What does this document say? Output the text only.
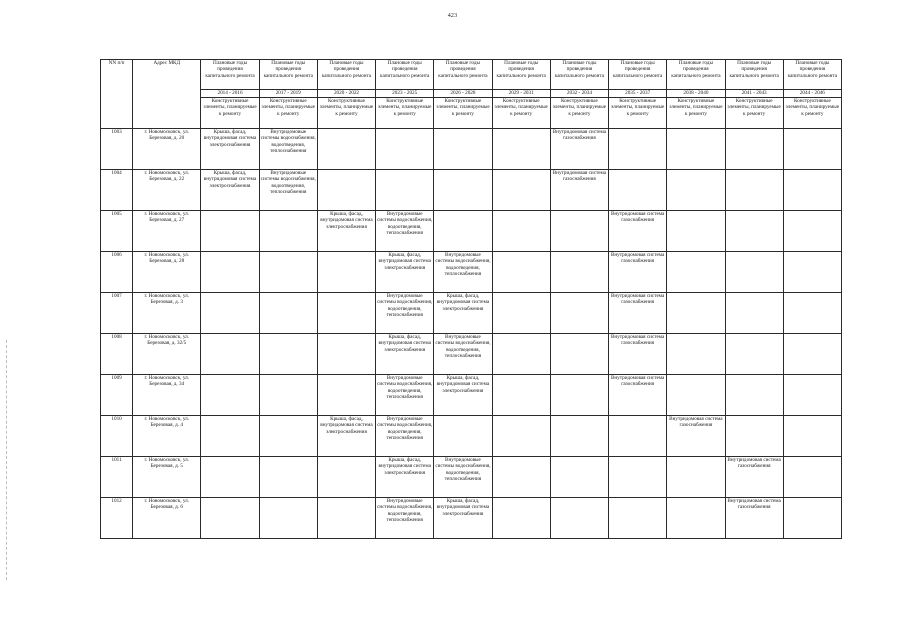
423
NN п/п	Адрес МКД	Плановые годы проведения капитального ремонта	Плановые годы проведения капитального ремонта	Плановые годы проведения капитального ремонта	Плановые годы проведения капитального ремонта	Плановые годы проведения капитального ремонта	Плановые годы проведения капитального ремонта	Плановые годы проведения капитального ремонта	Плановые годы проведения капитального ремонта	Плановые годы проведения капитального ремонта	Плановые годы проведения капитального ремонта	Плановые годы проведения капитального ремонта
		2014 - 2016	2017 - 2019	2020 - 2022	2023 - 2025	2026 - 2028	2029 - 2031	2032 - 2034	2035 - 2037	2038 - 2040	2041 - 2043	2044 - 2046
		Конструктивные элементы, планируемые к ремонту	Конструктивные элементы, планируемые к ремонту	Конструктивные элементы, планируемые к ремонту	Конструктивные элементы, планируемые к ремонту	Конструктивные элементы, планируемые к ремонту	Конструктивные элементы, планируемые к ремонту	Конструктивные элементы, планируемые к ремонту	Конструктивные элементы, планируемые к ремонту	Конструктивные элементы, планируемые к ремонту	Конструктивные элементы, планируемые к ремонту	Конструктивные элементы, планируемые к ремонту
1003	г. Новомосковск, ул. Березовая, д. 20	Крыша, фасад, внутридомовая система электроснабжения	Внутридомовые системы водоснабжения, водоотведения, теплоснабжения					Внутридомовая система газоснабжения				
1004	г. Новомосковск, ул. Березовая, д. 22	Крыша, фасад, внутридомовая система электроснабжения	Внутридомовые системы водоснабжения, водоотведения, теплоснабжения					Внутридомовая система газоснабжения				
1005	г. Новомосковск, ул. Березовая, д. 27			Крыша, фасад, внутридомовая система электроснабжения	Внутридомовые системы водоснабжения, водоотведения, теплоснабжения				Внутридомовая система газоснабжения			
1006	г. Новомосковск, ул. Березовая, д. 28				Крыша, фасад, внутридомовая система электроснабжения	Внутридомовые системы водоснабжения, водоотведения, теплоснабжения			Внутридомовая система газоснабжения			
1007	г. Новомосковск, ул. Березовая, д. 3				Внутридомовые системы водоснабжения, водоотведения, теплоснабжения	Крыша, фасад, внутридомовая система электроснабжения			Внутридомовая система газоснабжения			
1008	г. Новомосковск, ул. Березовая, д. 32/5				Крыша, фасад, внутридомовая система электроснабжения	Внутридомовые системы водоснабжения, водоотведения, теплоснабжения			Внутридомовая система газоснабжения			
1009	г. Новомосковск, ул. Березовая, д. 34				Внутридомовые системы водоснабжения, водоотведения, теплоснабжения	Крыша, фасад, внутридомовая система электроснабжения			Внутридомовая система газоснабжения			
1010	г. Новомосковск, ул. Березовая, д. 4			Крыша, фасад, внутридомовая система электроснабжения	Внутридомовые системы водоснабжения, водоотведения, теплоснабжения					Внутридомовая система газоснабжения		
1011	г. Новомосковск, ул. Березовая, д. 5				Крыша, фасад, внутридомовая система электроснабжения	Внутридомовые системы водоснабжения, водоотведения, теплоснабжения					Внутридомовая система газоснабжения	
1012	г. Новомосковск, ул. Березовая, д. 6				Внутридомовые системы водоснабжения, водоотведения, теплоснабжения	Крыша, фасад, внутридомовая система электроснабжения					Внутридомовая система газоснабжения	
